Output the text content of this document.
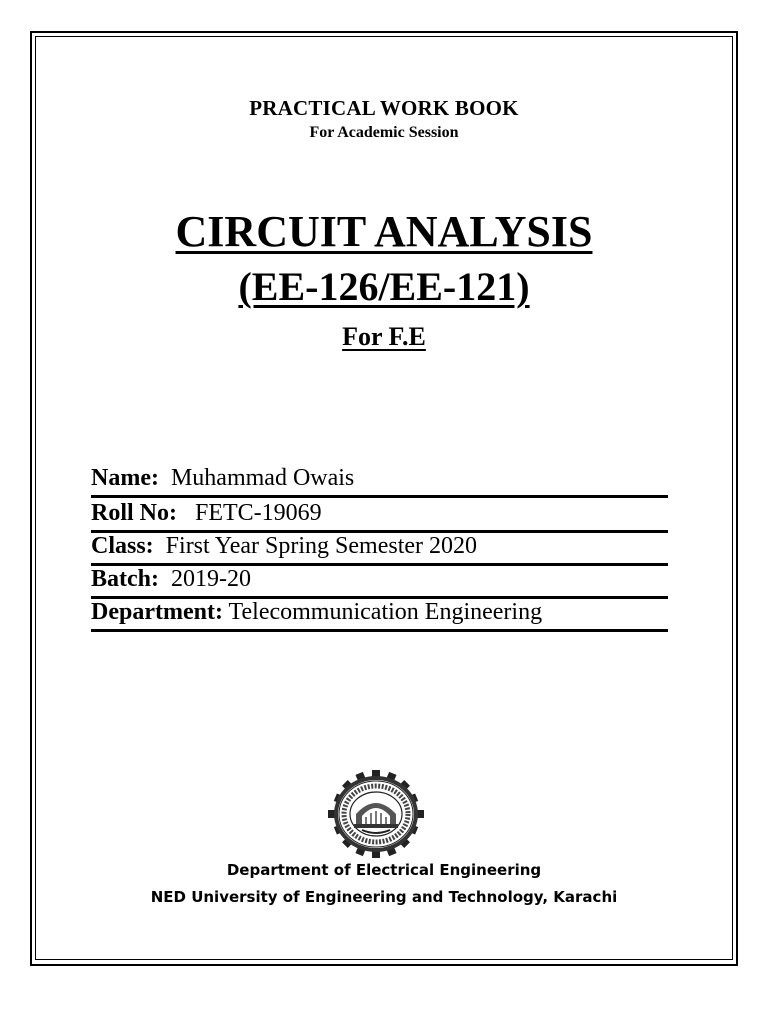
PRACTICAL WORK BOOK
For Academic Session
CIRCUIT ANALYSIS
(EE-126/EE-121)
For F.E
Name: Muhammad Owais
Roll No: FETC-19069
Class: First Year Spring Semester 2020
Batch: 2019-20
Department: Telecommunication Engineering
Department of Electrical Engineering
NED University of Engineering and Technology, Karachi
